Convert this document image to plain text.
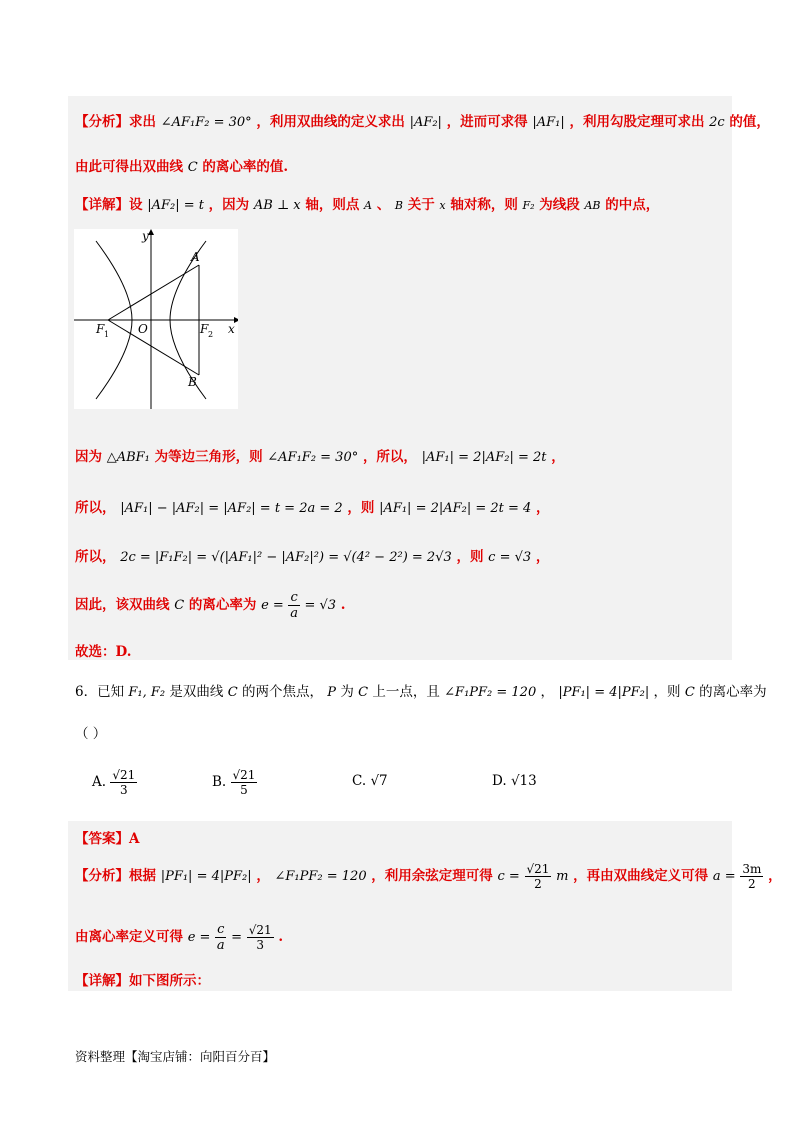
【分析】求出 ∠AF₁F₂ = 30° ，利用双曲线的定义求出 |AF₂| ，进而可求得 |AF₁| ，利用勾股定理可求出 2c 的值，
由此可得出双曲线 C 的离心率的值.
【详解】设 |AF₂| = t ，因为 AB ⊥ x 轴，则点 A 、 B 关于 x 轴对称，则 F₂ 为线段 AB 的中点，
y
x
A
B
O
F 1	F 2
因为 △ABF₁ 为等边三角形，则 ∠AF₁F₂ = 30° ，所以， |AF₁| = 2|AF₂| = 2t ，
所以， |AF₁| − |AF₂| = |AF₂| = t = 2a = 2 ，则 |AF₁| = 2|AF₂| = 2t = 4 ，
所以， 2c = |F₁F₂| = √(|AF₁|² − |AF₂|²) = √(4² − 2²) = 2√3 ，则 c = √3 ，
因此，该双曲线 C 的离心率为 $e = \frac{c}{a} = √3$ .
故选：D.
6．已知 F₁, F₂ 是双曲线 C 的两个焦点， P 为 C 上一点，且 ∠F₁PF₂ = 120 ， |PF₁| = 4|PF₂| ，则 C 的离心率为
（ ）
A. $\frac{√21}{3}$	B. $\frac{√21}{5}$	C. √7	D. √13
【答案】A
【分析】根据 |PF₁| = 4|PF₂| ， ∠F₁PF₂ = 120 ，利用余弦定理可得 $c = \frac{√21}{2}$ m ，再由双曲线定义可得 $a = \frac{3m}{2}$ ，
由离心率定义可得 $e = \frac{c}{a} = \frac{√21}{3}$ .
【详解】如下图所示：
资料整理【淘宝店铺：向阳百分百】
